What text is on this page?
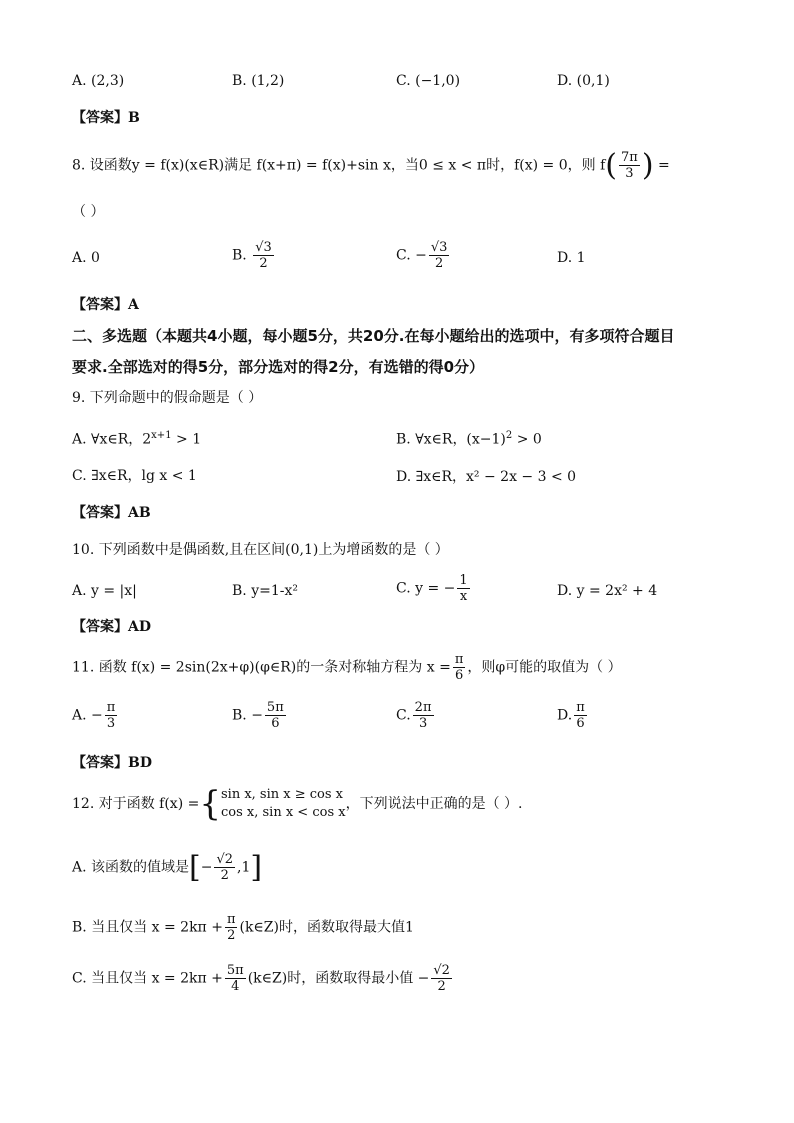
A. (2,3)	B. (1,2)	C. (−1,0)	D. (0,1)
【答案】B
8. 设函数y = f(x)(x∈R)满足 f(x+π) = f(x)+sin x，当0 ≤ x < π时，f(x) = 0，则 $f( \frac{7\pi}{3}$ ) =
（ ）
A. 0	B. $\frac{√3}{2}$	C. − $\frac{√3}{2}$	D. 1
【答案】A
二、多选题（本题共4小题，每小题5分，共20分.在每小题给出的选项中，有多项符合题目
要求.全部选对的得5分，部分选对的得2分，有选错的得0分）
9. 下列命题中的假命题是（ ）
A. ∀x∈R，$2^{x+1} > 1$	B. ∀x∈R，$(x-1)^2 > 0$
C. ∃x∈R，lg x < 1	D. ∃x∈R，x² − 2x − 3 < 0
【答案】AB
10. 下列函数中是偶函数,且在区间(0,1)上为增函数的是（ ）
A. y = |x|	B. y=1-x²	C. y = − $\frac{1}{x}$	D. y = 2x² + 4
【答案】AD
11. 函数 f(x) = 2sin(2x+φ)(φ∈R)的一条对称轴方程为 $x = \frac{\pi}{6}$ ，则φ可能的取值为（ ）
A. − $\frac{\pi}{3}$	B. − $\frac{5\pi}{6}$	C. $\frac{2\pi}{3}$	D. $\frac{\pi}{6}$
【答案】BD
12. 对于函数 f(x) ={ sin x, sin x ≥ cos x
cos x, sin x < cos x
，下列说法中正确的是（ ）.
A. 该函数的值域是[− $\frac{√2}{2} ,1$]
B. 当且仅当 $x = 2k\pi + \frac{\pi}{2}$ (k∈Z)时，函数取得最大值1
C. 当且仅当 $x = 2k\pi + \frac{5\pi}{4}$ (k∈Z)时，函数取得最小值 − $\frac{√2}{2}$
